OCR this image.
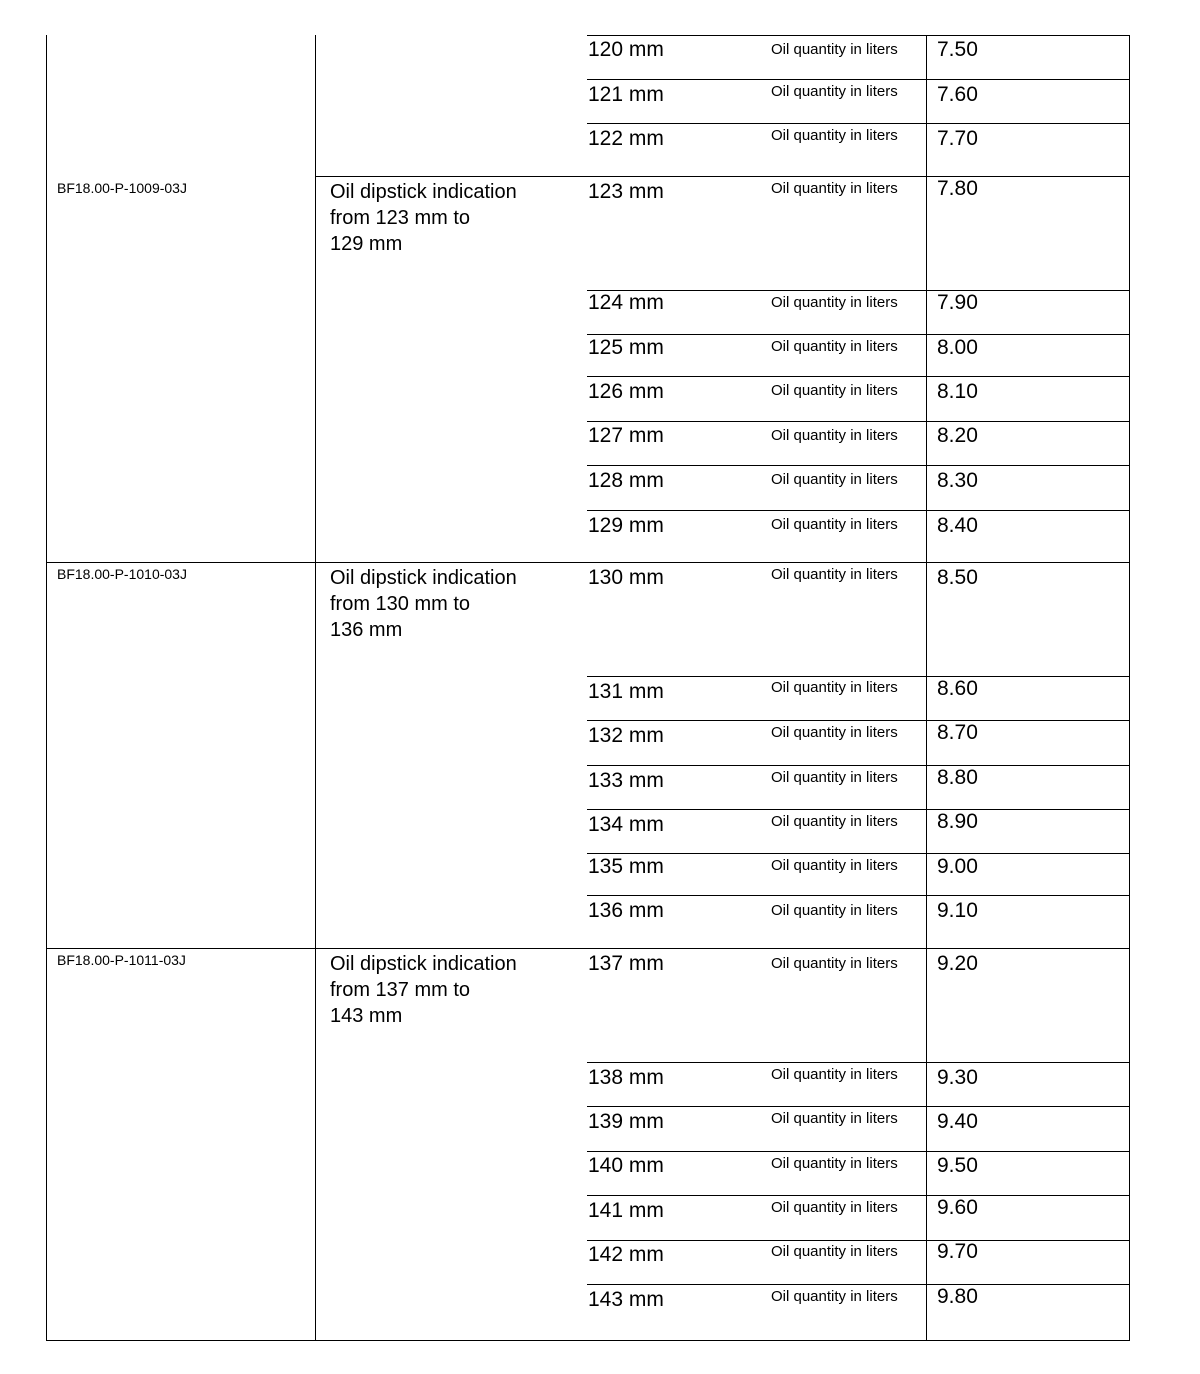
120 mm	Oil quantity in liters 7.50
121 mm	Oil quantity in liters 7.60
122 mm	Oil quantity in liters 7.70
BF18.00-P-1009-03J	Oil dipstick indication
from 123 mm to
129 mm
123 mm	Oil quantity in liters 7.80
124 mm	Oil quantity in liters 7.90
125 mm	Oil quantity in liters 8.00
126 mm	Oil quantity in liters 8.10
127 mm	Oil quantity in liters 8.20
128 mm	Oil quantity in liters 8.30
129 mm	Oil quantity in liters 8.40
BF18.00-P-1010-03J	Oil dipstick indication
from 130 mm to
136 mm
130 mm	Oil quantity in liters 8.50
131 mm	Oil quantity in liters 8.60
132 mm	Oil quantity in liters 8.70
133 mm	Oil quantity in liters 8.80
134 mm	Oil quantity in liters 8.90
135 mm	Oil quantity in liters 9.00
136 mm	Oil quantity in liters 9.10
BF18.00-P-1011-03J	Oil dipstick indication
from 137 mm to
143 mm
137 mm	Oil quantity in liters 9.20
138 mm	Oil quantity in liters 9.30
139 mm	Oil quantity in liters 9.40
140 mm	Oil quantity in liters 9.50
141 mm	Oil quantity in liters 9.60
142 mm	Oil quantity in liters 9.70
143 mm	Oil quantity in liters 9.80
